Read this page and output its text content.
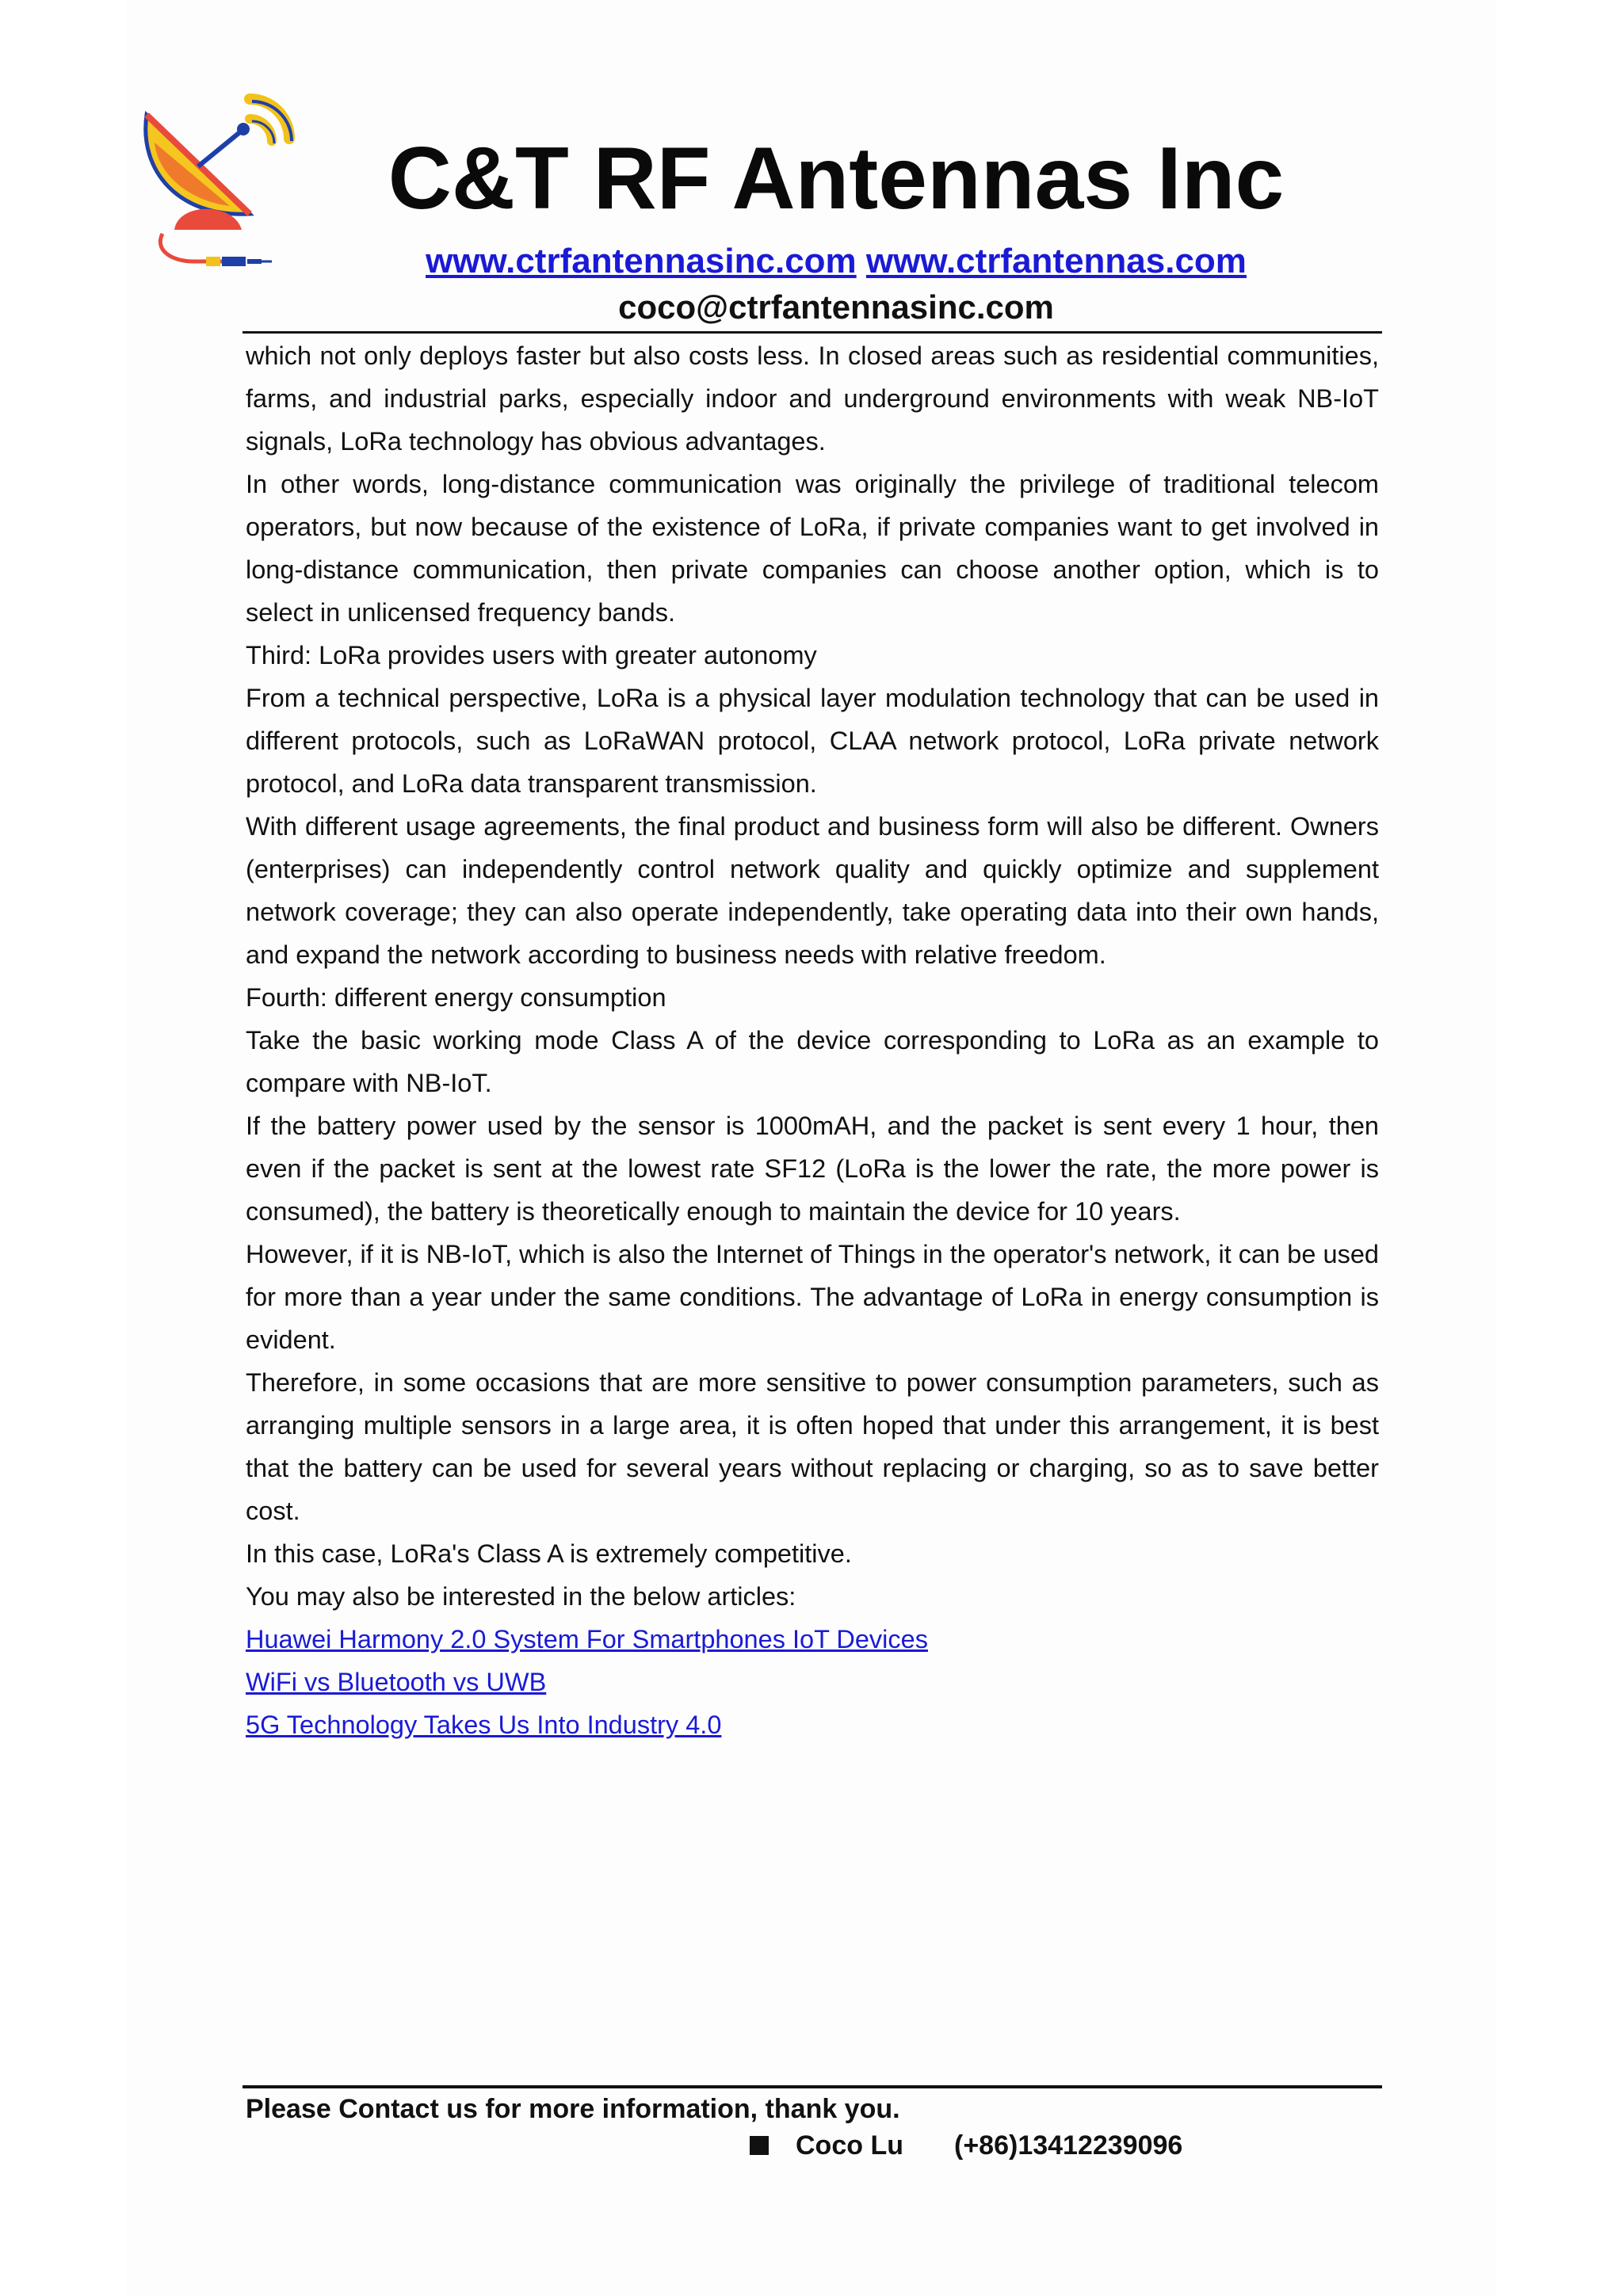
C&T RF Antennas Inc
www.ctrfantennasinc.com www.ctrfantennas.com
coco@ctrfantennasinc.com

which not only deploys faster but also costs less. In closed areas such as residential communities, farms, and industrial parks, especially indoor and underground environments with weak NB-IoT signals, LoRa technology has obvious advantages.

In other words, long-distance communication was originally the privilege of traditional telecom operators, but now because of the existence of LoRa, if private companies want to get involved in long-distance communication, then private companies can choose another option, which is to select in unlicensed frequency bands.

Third: LoRa provides users with greater autonomy

From a technical perspective, LoRa is a physical layer modulation technology that can be used in different protocols, such as LoRaWAN protocol, CLAA network protocol, LoRa private network protocol, and LoRa data transparent transmission.

With different usage agreements, the final product and business form will also be different. Owners (enterprises) can independently control network quality and quickly optimize and supplement network coverage; they can also operate independently, take operating data into their own hands, and expand the network according to business needs with relative freedom.

Fourth: different energy consumption

Take the basic working mode Class A of the device corresponding to LoRa as an example to compare with NB-IoT.

If the battery power used by the sensor is 1000mAH, and the packet is sent every 1 hour, then even if the packet is sent at the lowest rate SF12 (LoRa is the lower the rate, the more power is consumed), the battery is theoretically enough to maintain the device for 10 years.

However, if it is NB-IoT, which is also the Internet of Things in the operator's network, it can be used for more than a year under the same conditions. The advantage of LoRa in energy consumption is evident.

Therefore, in some occasions that are more sensitive to power consumption parameters, such as arranging multiple sensors in a large area, it is often hoped that under this arrangement, it is best that the battery can be used for several years without replacing or charging, so as to save better cost.

In this case, LoRa's Class A is extremely competitive.

You may also be interested in the below articles:

Huawei Harmony 2.0 System For Smartphones IoT Devices
WiFi vs Bluetooth vs UWB
5G Technology Takes Us Into Industry 4.0
Please Contact us for more information, thank you.
Coco Lu	(+86)13412239096
